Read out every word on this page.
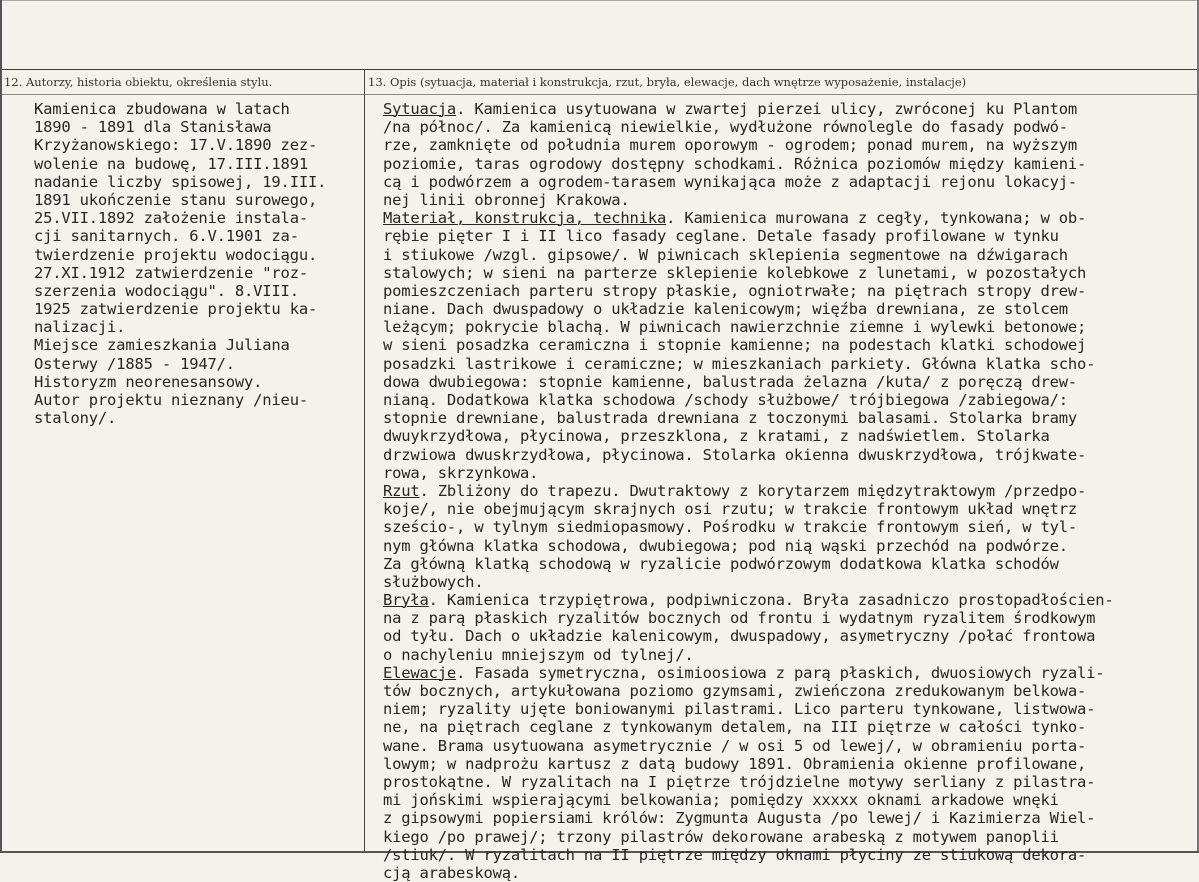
12. Autorzy, historia obiektu, określenia stylu.	13. Opis (sytuacja, materiał i konstrukcja, rzut, bryła, elewacje, dach wnętrze wyposażenie, instalacje)
Kamienica zbudowana w latach
1890 - 1891 dla Stanisława
Krzyżanowskiego: 17.V.1890 zez-
wolenie na budowę, 17.III.1891
nadanie liczby spisowej, 19.III.
1891 ukończenie stanu surowego,
25.VII.1892 założenie instala-
cji sanitarnych. 6.V.1901 za-
twierdzenie projektu wodociągu.
27.XI.1912 zatwierdzenie "roz-
szerzenia wodociągu". 8.VIII.
1925 zatwierdzenie projektu ka-
nalizacji.
Miejsce zamieszkania Juliana
Osterwy /1885 - 1947/.
Historyzm neorenesansowy.
Autor projektu nieznany /nieu-
stalony/.
Sytuacja. Kamienica usytuowana w zwartej pierzei ulicy, zwróconej ku Plantom
/na północ/. Za kamienicą niewielkie, wydłużone równolegle do fasady podwó-
rze, zamknięte od południa murem oporowym - ogrodem; ponad murem, na wyższym
poziomie, taras ogrodowy dostępny schodkami. Różnica poziomów między kamieni-
cą i podwórzem a ogrodem-tarasem wynikająca może z adaptacji rejonu lokacyj-
nej linii obronnej Krakowa.
Materiał, konstrukcja, technika. Kamienica murowana z cegły, tynkowana; w ob-
rębie pięter I i II lico fasady ceglane. Detale fasady profilowane w tynku
i stiukowe /wzgl. gipsowe/. W piwnicach sklepienia segmentowe na dźwigarach
stalowych; w sieni na parterze sklepienie kolebkowe z lunetami, w pozostałych
pomieszczeniach parteru stropy płaskie, ogniotrwałe; na piętrach stropy drew-
niane. Dach dwuspadowy o układzie kalenicowym; więźba drewniana, ze stolcem
leżącym; pokrycie blachą. W piwnicach nawierzchnie ziemne i wylewki betonowe;
w sieni posadzka ceramiczna i stopnie kamienne; na podestach klatki schodowej
posadzki lastrikowe i ceramiczne; w mieszkaniach parkiety. Główna klatka scho-
dowa dwubiegowa: stopnie kamienne, balustrada żelazna /kuta/ z poręczą drew-
nianą. Dodatkowa klatka schodowa /schody służbowe/ trójbiegowa /zabiegowa/:
stopnie drewniane, balustrada drewniana z toczonymi balasami. Stolarka bramy
dwuykrzydłowa, płycinowa, przeszklona, z kratami, z nadświetlem. Stolarka
drzwiowa dwuskrzydłowa, płycinowa. Stolarka okienna dwuskrzydłowa, trójkwate-
rowa, skrzynkowa.
Rzut. Zbliżony do trapezu. Dwutraktowy z korytarzem międzytraktowym /przedpo-
koje/, nie obejmującym skrajnych osi rzutu; w trakcie frontowym układ wnętrz
sześcio-, w tylnym siedmiopasmowy. Pośrodku w trakcie frontowym sień, w tyl-
nym główna klatka schodowa, dwubiegowa; pod nią wąski przechód na podwórze.
Za główną klatką schodową w ryzalicie podwórzowym dodatkowa klatka schodów
służbowych.
Bryła. Kamienica trzypiętrowa, podpiwniczona. Bryła zasadniczo prostopadłościen-
na z parą płaskich ryzalitów bocznych od frontu i wydatnym ryzalitem środkowym
od tyłu. Dach o układzie kalenicowym, dwuspadowy, asymetryczny /połać frontowa
o nachyleniu mniejszym od tylnej/.
Elewacje. Fasada symetryczna, osimioosiowa z parą płaskich, dwuosiowych ryzali-
tów bocznych, artykułowana poziomo gzymsami, zwieńczona zredukowanym belkowa-
niem; ryzality ujęte boniowanymi pilastrami. Lico parteru tynkowane, listwowa-
ne, na piętrach ceglane z tynkowanym detalem, na III piętrze w całości tynko-
wane. Brama usytuowana asymetrycznie / w osi 5 od lewej/, w obramieniu porta-
lowym; w nadprożu kartusz z datą budowy 1891. Obramienia okienne profilowane,
prostokątne. W ryzalitach na I piętrze trójdzielne motywy serliany z pilastra-
mi jońskimi wspierającymi belkowania; pomiędzy xxxxx oknami arkadowe wnęki
z gipsowymi popiersiami królów: Zygmunta Augusta /po lewej/ i Kazimierza Wiel-
kiego /po prawej/; trzony pilastrów dekorowane arabeską z motywem panoplii
/stiuk/. W ryzalitach na II piętrze między oknami płyciny ze stiukową dekora-
cją arabeskową.
